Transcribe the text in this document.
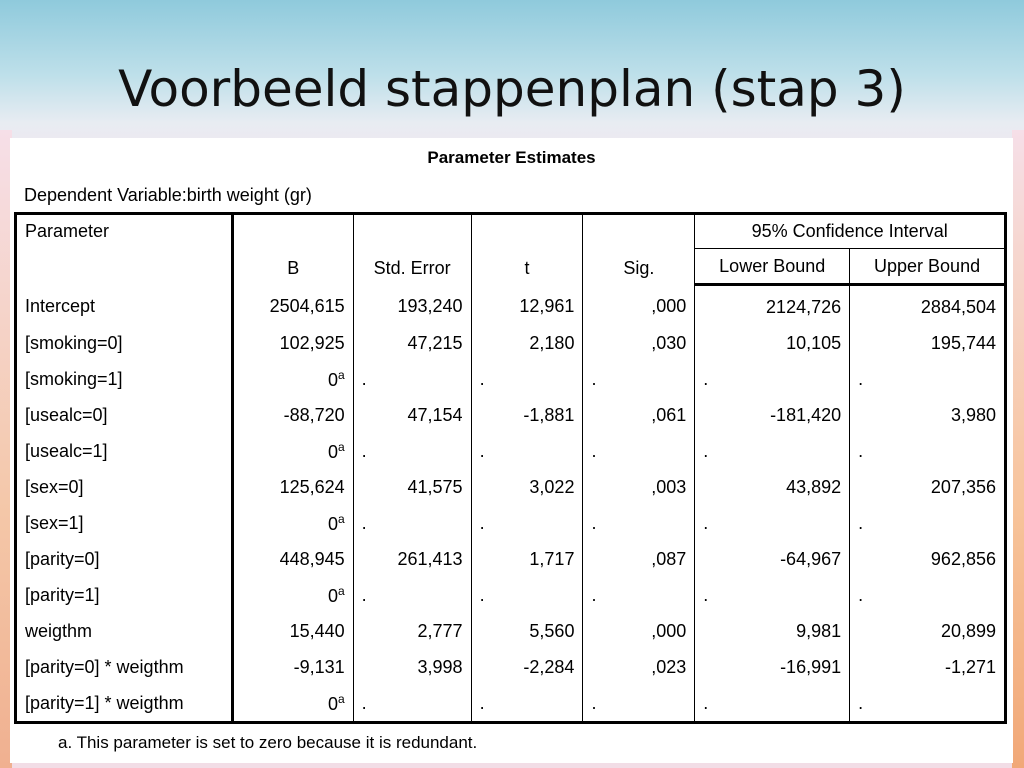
Voorbeeld stappenplan (stap 3)
Parameter Estimates
Dependent Variable:birth weight (gr)
Parameter	B	Std. Error	t	Sig.	95% Confidence Interval	
					Lower Bound	Upper Bound
Intercept	2504,615	193,240	12,961	,000	2124,726	2884,504
[smoking=0]	102,925	47,215	2,180	,030	10,105	195,744
[smoking=1]	0$^a$	.	.	.	.	.
[usealc=0]	-88,720	47,154	-1,881	,061	-181,420	3,980
[usealc=1]	0$^a$	.	.	.	.	.
[sex=0]	125,624	41,575	3,022	,003	43,892	207,356
[sex=1]	0$^a$	.	.	.	.	.
[parity=0]	448,945	261,413	1,717	,087	-64,967	962,856
[parity=1]	0$^a$	.	.	.	.	.
weigthm	15,440	2,777	5,560	,000	9,981	20,899
[parity=0] * weigthm	-9,131	3,998	-2,284	,023	-16,991	-1,271
[parity=1] * weigthm	0$^a$	.	.	.	.	.
a. This parameter is set to zero because it is redundant.
